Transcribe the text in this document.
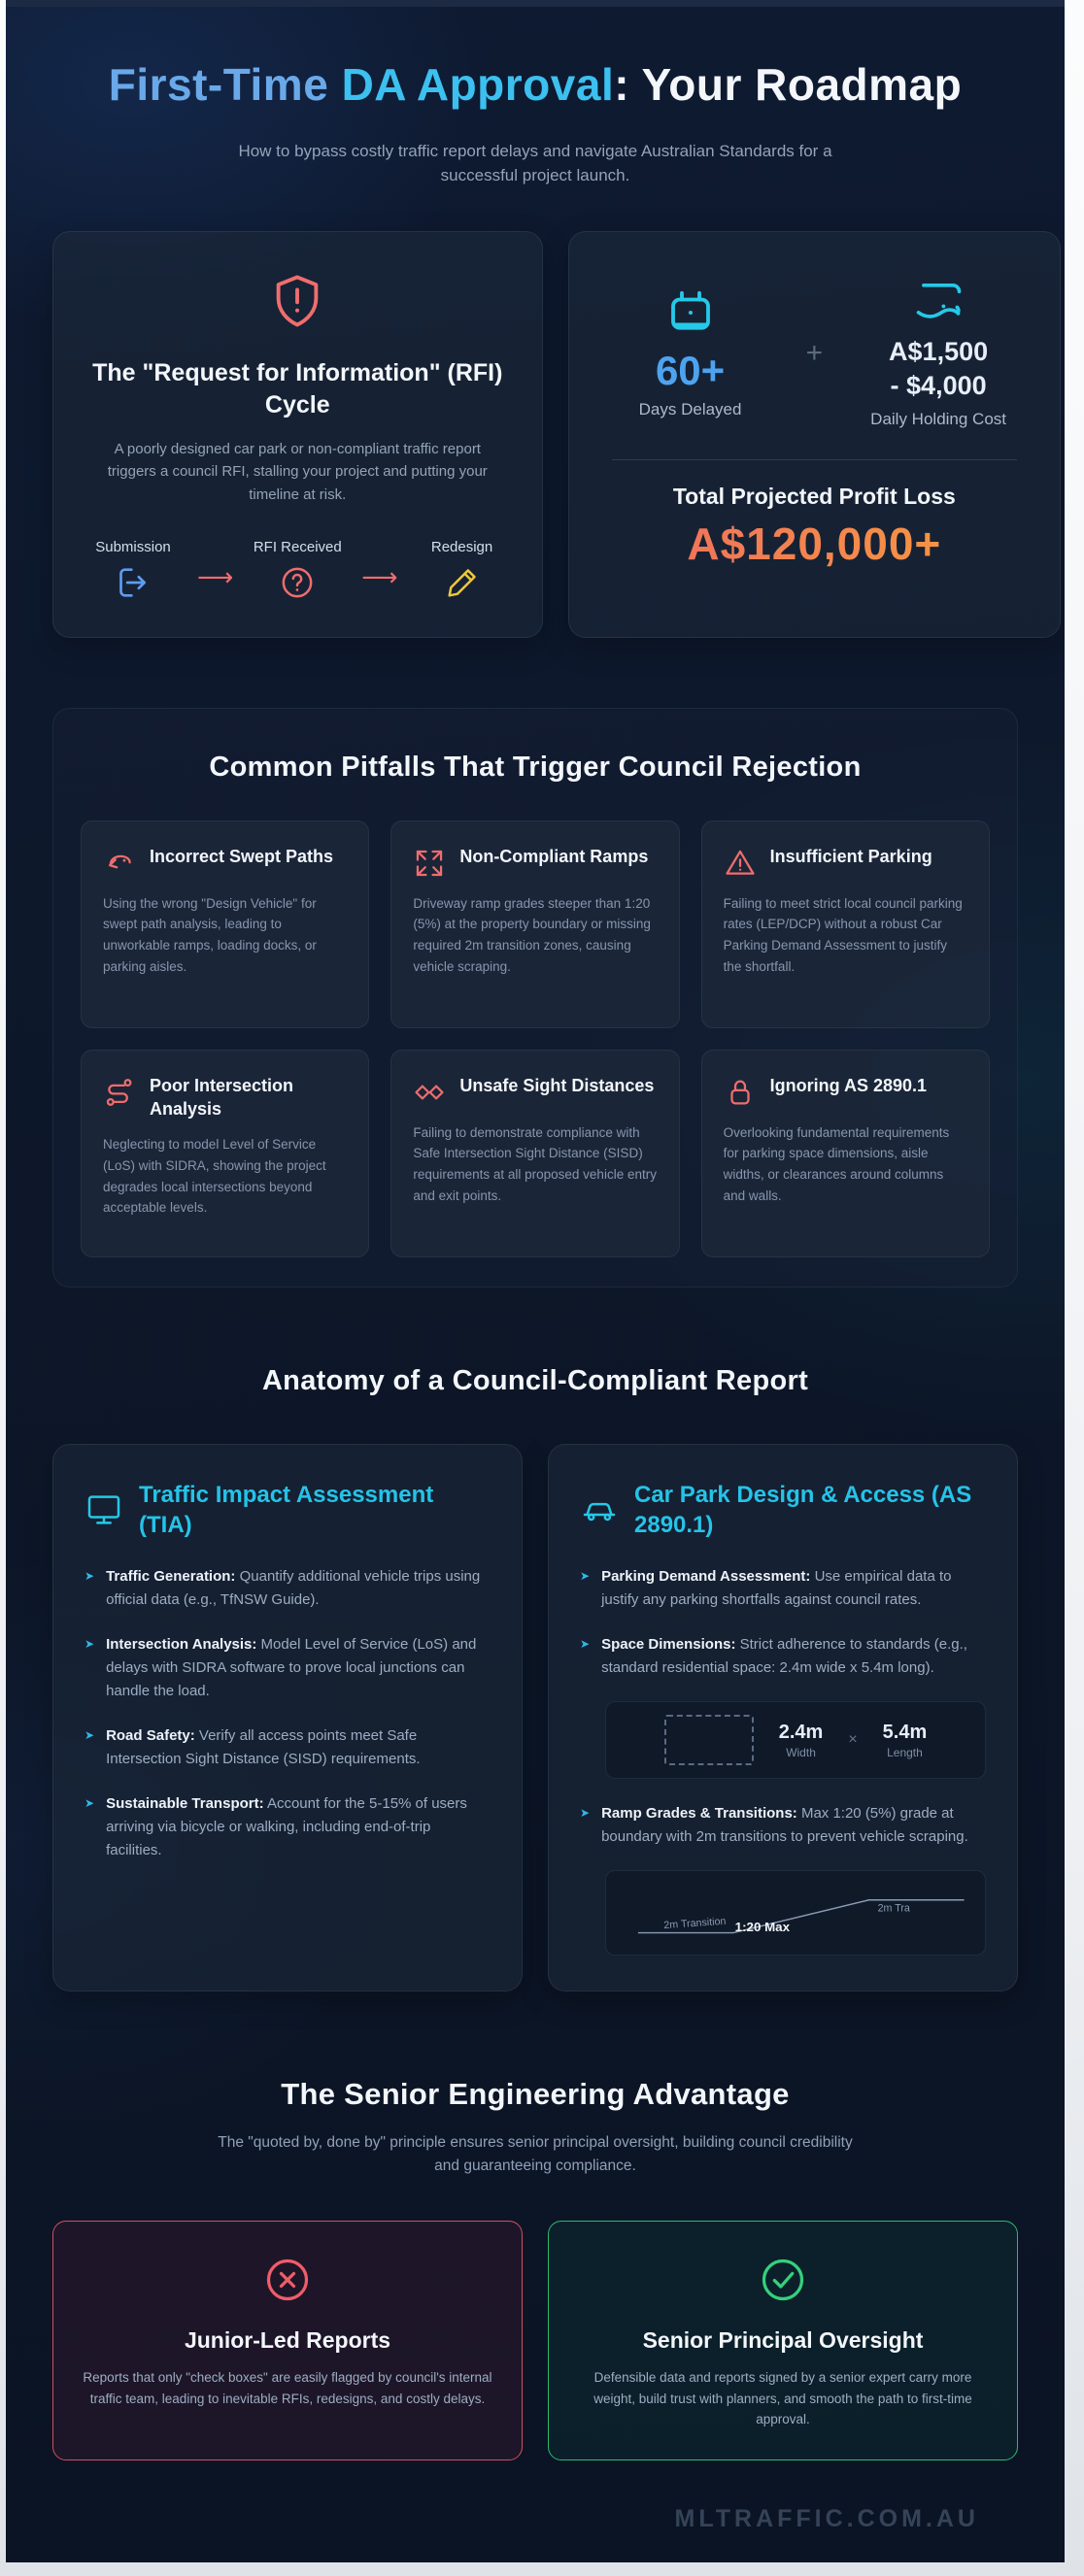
First-Time DA Approval: Your Roadmap

How to bypass costly traffic report delays and navigate Australian Standards for a successful project launch.

The "Request for Information" (RFI) Cycle

A poorly designed car park or non-compliant traffic report triggers a council RFI, stalling your project and putting your timeline at risk.

Submission
⟶
RFI Received
⟶
Redesign
60+
Days Delayed
+	A$1,500
- $4,000
Daily Holding Cost
Total Projected Profit Loss
A$120,000+
Common Pitfalls That Trigger Council Rejection
Incorrect Swept Paths

Using the wrong "Design Vehicle" for swept path analysis, leading to unworkable ramps, loading docks, or parking aisles.

Non-Compliant Ramps

Driveway ramp grades steeper than 1:20 (5%) at the property boundary or missing required 2m transition zones, causing vehicle scraping.

Insufficient Parking

Failing to meet strict local council parking rates (LEP/DCP) without a robust Car Parking Demand Assessment to justify the shortfall.

Poor Intersection Analysis

Neglecting to model Level of Service (LoS) with SIDRA, showing the project degrades local intersections beyond acceptable levels.

Unsafe Sight Distances

Failing to demonstrate compliance with Safe Intersection Sight Distance (SISD) requirements at all proposed vehicle entry and exit points.

Ignoring AS 2890.1

Overlooking fundamental requirements for parking space dimensions, aisle widths, or clearances around columns and walls.

Anatomy of a Council-Compliant Report
Traffic Impact Assessment (TIA)
➤ Traffic Generation: Quantify additional vehicle trips using official data (e.g., TfNSW Guide).

➤ Intersection Analysis: Model Level of Service (LoS) and delays with SIDRA software to prove local junctions can handle the load.

➤ Road Safety: Verify all access points meet Safe Intersection Sight Distance (SISD) requirements.

➤ Sustainable Transport: Account for the 5-15% of users arriving via bicycle or walking, including end-of-trip facilities.

Car Park Design & Access (AS 2890.1)
➤ Parking Demand Assessment: Use empirical data to justify any parking shortfalls against council rates.

➤ Space Dimensions: Strict adherence to standards (e.g., standard residential space: 2.4m wide x 5.4m long).

2.4m
Width
× 5.4m
Length
➤ Ramp Grades & Transitions: Max 1:20 (5%) grade at boundary with 2m transitions to prevent vehicle scraping.

2m Transition 1:20 Max
2m Tra
The Senior Engineering Advantage

The "quoted by, done by" principle ensures senior principal oversight, building council credibility and guaranteeing compliance.

Junior-Led Reports

Reports that only "check boxes" are easily flagged by council's internal traffic team, leading to inevitable RFIs, redesigns, and costly delays.

Senior Principal Oversight

Defensible data and reports signed by a senior expert carry more weight, build trust with planners, and smooth the path to first-time approval.

MLTRAFFIC.COM.AU
